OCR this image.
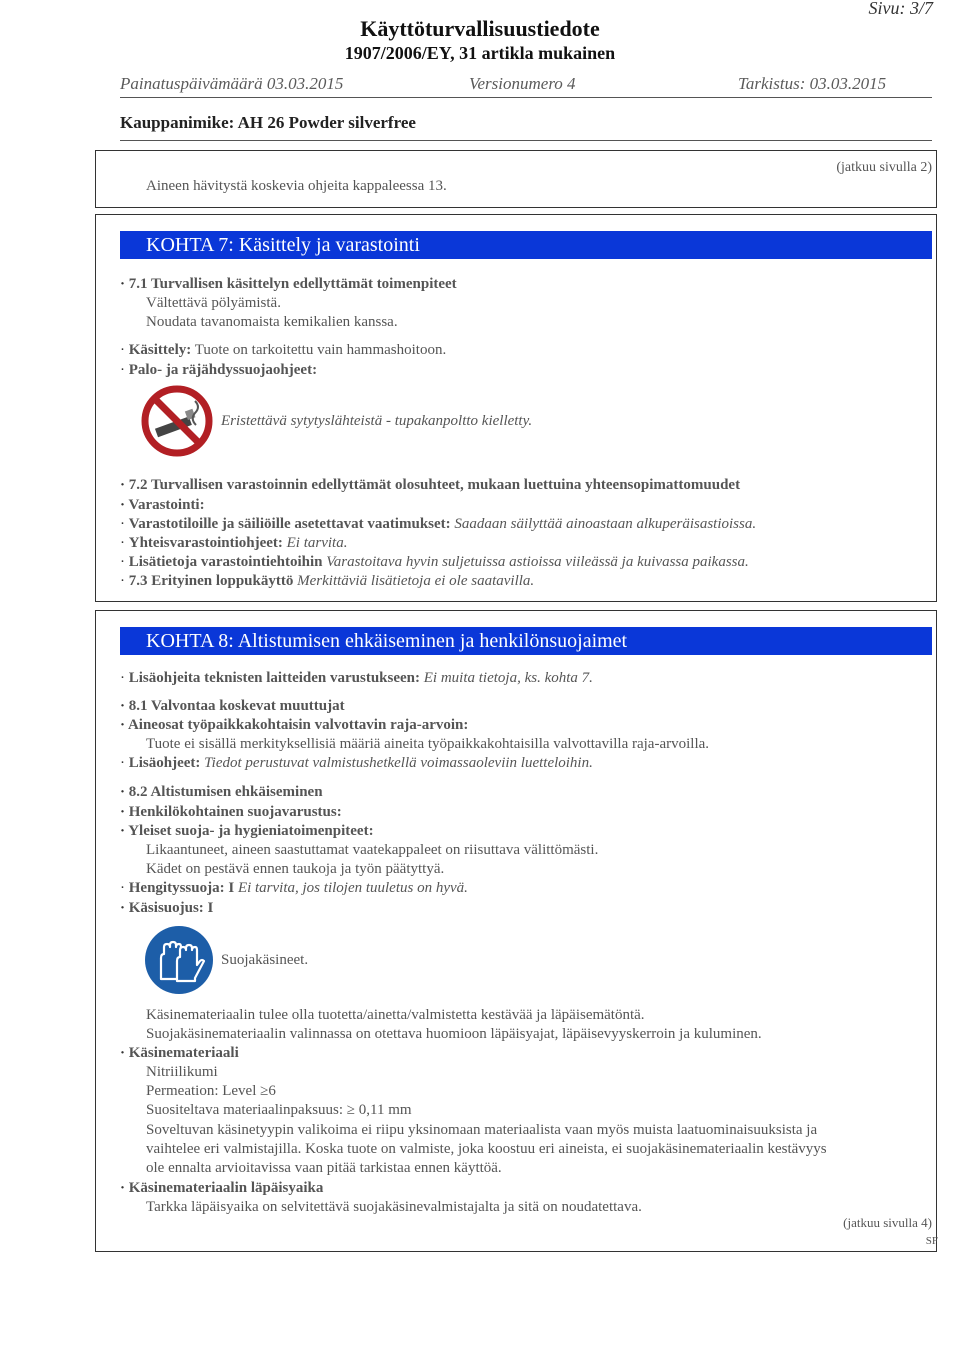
Sivu: 3/7
Käyttöturvallisuustiedote
1907/2006/EY, 31 artikla mukainen
Painatuspäivämäärä 03.03.2015	Versionumero 4	Tarkistus: 03.03.2015
Kauppanimike: AH 26 Powder silverfree
(jatkuu sivulla 2)
Aineen hävitystä koskevia ohjeita kappaleessa 13.
KOHTA 7: Käsittely ja varastointi
· 7.1 Turvallisen käsittelyn edellyttämät toimenpiteet
Vältettävä pölyämistä.
Noudata tavanomaista kemikalien kanssa.
· Käsittely: Tuote on tarkoitettu vain hammashoitoon.
· Palo- ja räjähdyssuojaohjeet:
Eristettävä sytytyslähteistä - tupakanpoltto kielletty.
· 7.2 Turvallisen varastoinnin edellyttämät olosuhteet, mukaan luettuina yhteensopimattomuudet
· Varastointi:
· Varastotiloille ja säiliöille asetettavat vaatimukset: Saadaan säilyttää ainoastaan alkuperäisastioissa.
· Yhteisvarastointiohjeet: Ei tarvita.
· Lisätietoja varastointiehtoihin Varastoitava hyvin suljetuissa astioissa viileässä ja kuivassa paikassa.
· 7.3 Erityinen loppukäyttö Merkittäviä lisätietoja ei ole saatavilla.
KOHTA 8: Altistumisen ehkäiseminen ja henkilönsuojaimet
· Lisäohjeita teknisten laitteiden varustukseen: Ei muita tietoja, ks. kohta 7.
· 8.1 Valvontaa koskevat muuttujat
· Aineosat työpaikkakohtaisin valvottavin raja-arvoin:
Tuote ei sisällä merkityksellisiä määriä aineita työpaikkakohtaisilla valvottavilla raja-arvoilla.
· Lisäohjeet: Tiedot perustuvat valmistushetkellä voimassaoleviin luetteloihin.
· 8.2 Altistumisen ehkäiseminen
· Henkilökohtainen suojavarustus:
· Yleiset suoja- ja hygieniatoimenpiteet:
Likaantuneet, aineen saastuttamat vaatekappaleet on riisuttava välittömästi.
Kädet on pestävä ennen taukoja ja työn päätyttyä.
· Hengityssuoja: I Ei tarvita, jos tilojen tuuletus on hyvä.
· Käsisuojus: I
Suojakäsineet.
Käsinemateriaalin tulee olla tuotetta/ainetta/valmistetta kestävää ja läpäisemätöntä.
Suojakäsinemateriaalin valinnassa on otettava huomioon läpäisyajat, läpäisevyyskerroin ja kuluminen.
· Käsinemateriaali
Nitriilikumi
Permeation: Level ≥6
Suositeltava materiaalinpaksuus: ≥ 0,11 mm
Soveltuvan käsinetyypin valikoima ei riipu yksinomaan materiaalista vaan myös muista laatuominaisuuksista ja
vaihtelee eri valmistajilla. Koska tuote on valmiste, joka koostuu eri aineista, ei suojakäsinemateriaalin kestävyys
ole ennalta arvioitavissa vaan pitää tarkistaa ennen käyttöä.
· Käsinemateriaalin läpäisyaika
Tarkka läpäisyaika on selvitettävä suojakäsinevalmistajalta ja sitä on noudatettava.
(jatkuu sivulla 4)
SF
